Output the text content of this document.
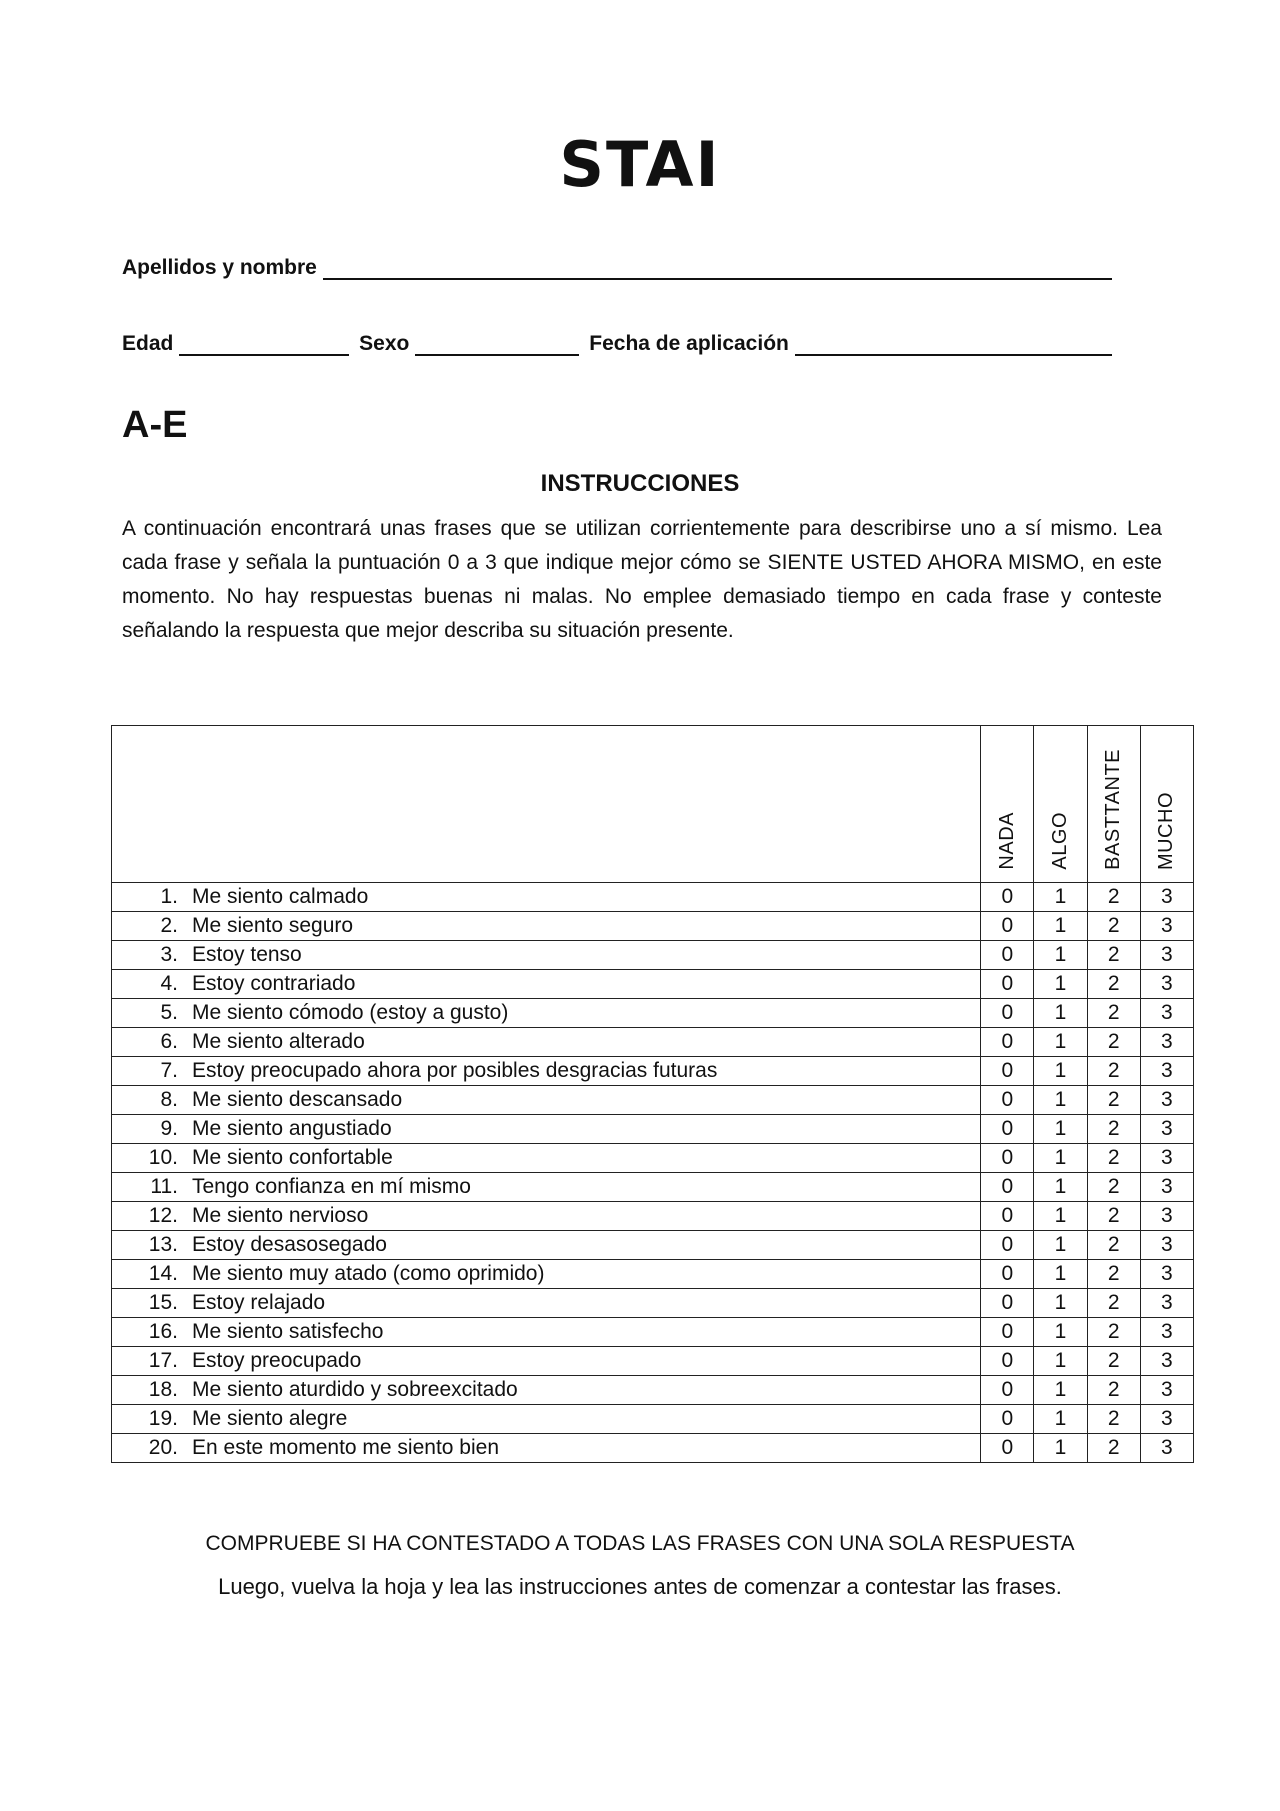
STAI
Apellidos y nombre
Edad	Sexo	Fecha de aplicación
A-E
INSTRUCCIONES
A continuación encontrará unas frases que se utilizan corrientemente para describirse uno a sí mismo. Lea cada frase y señala la puntuación 0 a 3 que indique mejor cómo se SIENTE USTED AHORA MISMO, en este momento. No hay respuestas buenas ni malas. No emplee demasiado tiempo en cada frase y conteste señalando la respuesta que mejor describa su situación presente.
	NADA	ALGO	BASTTANTE	MUCHO
1. Me siento calmado	0	1	2	3
2. Me siento seguro	0	1	2	3
3. Estoy tenso	0	1	2	3
4. Estoy contrariado	0	1	2	3
5. Me siento cómodo (estoy a gusto)	0	1	2	3
6. Me siento alterado	0	1	2	3
7. Estoy preocupado ahora por posibles desgracias futuras	0	1	2	3
8. Me siento descansado	0	1	2	3
9. Me siento angustiado	0	1	2	3
10. Me siento confortable	0	1	2	3
11. Tengo confianza en mí mismo	0	1	2	3
12. Me siento nervioso	0	1	2	3
13. Estoy desasosegado	0	1	2	3
14. Me siento muy atado (como oprimido)	0	1	2	3
15. Estoy relajado	0	1	2	3
16. Me siento satisfecho	0	1	2	3
17. Estoy preocupado	0	1	2	3
18. Me siento aturdido y sobreexcitado	0	1	2	3
19. Me siento alegre	0	1	2	3
20. En este momento me siento bien	0	1	2	3
COMPRUEBE SI HA CONTESTADO A TODAS LAS FRASES CON UNA SOLA RESPUESTA
Luego, vuelva la hoja y lea las instrucciones antes de comenzar a contestar las frases.
